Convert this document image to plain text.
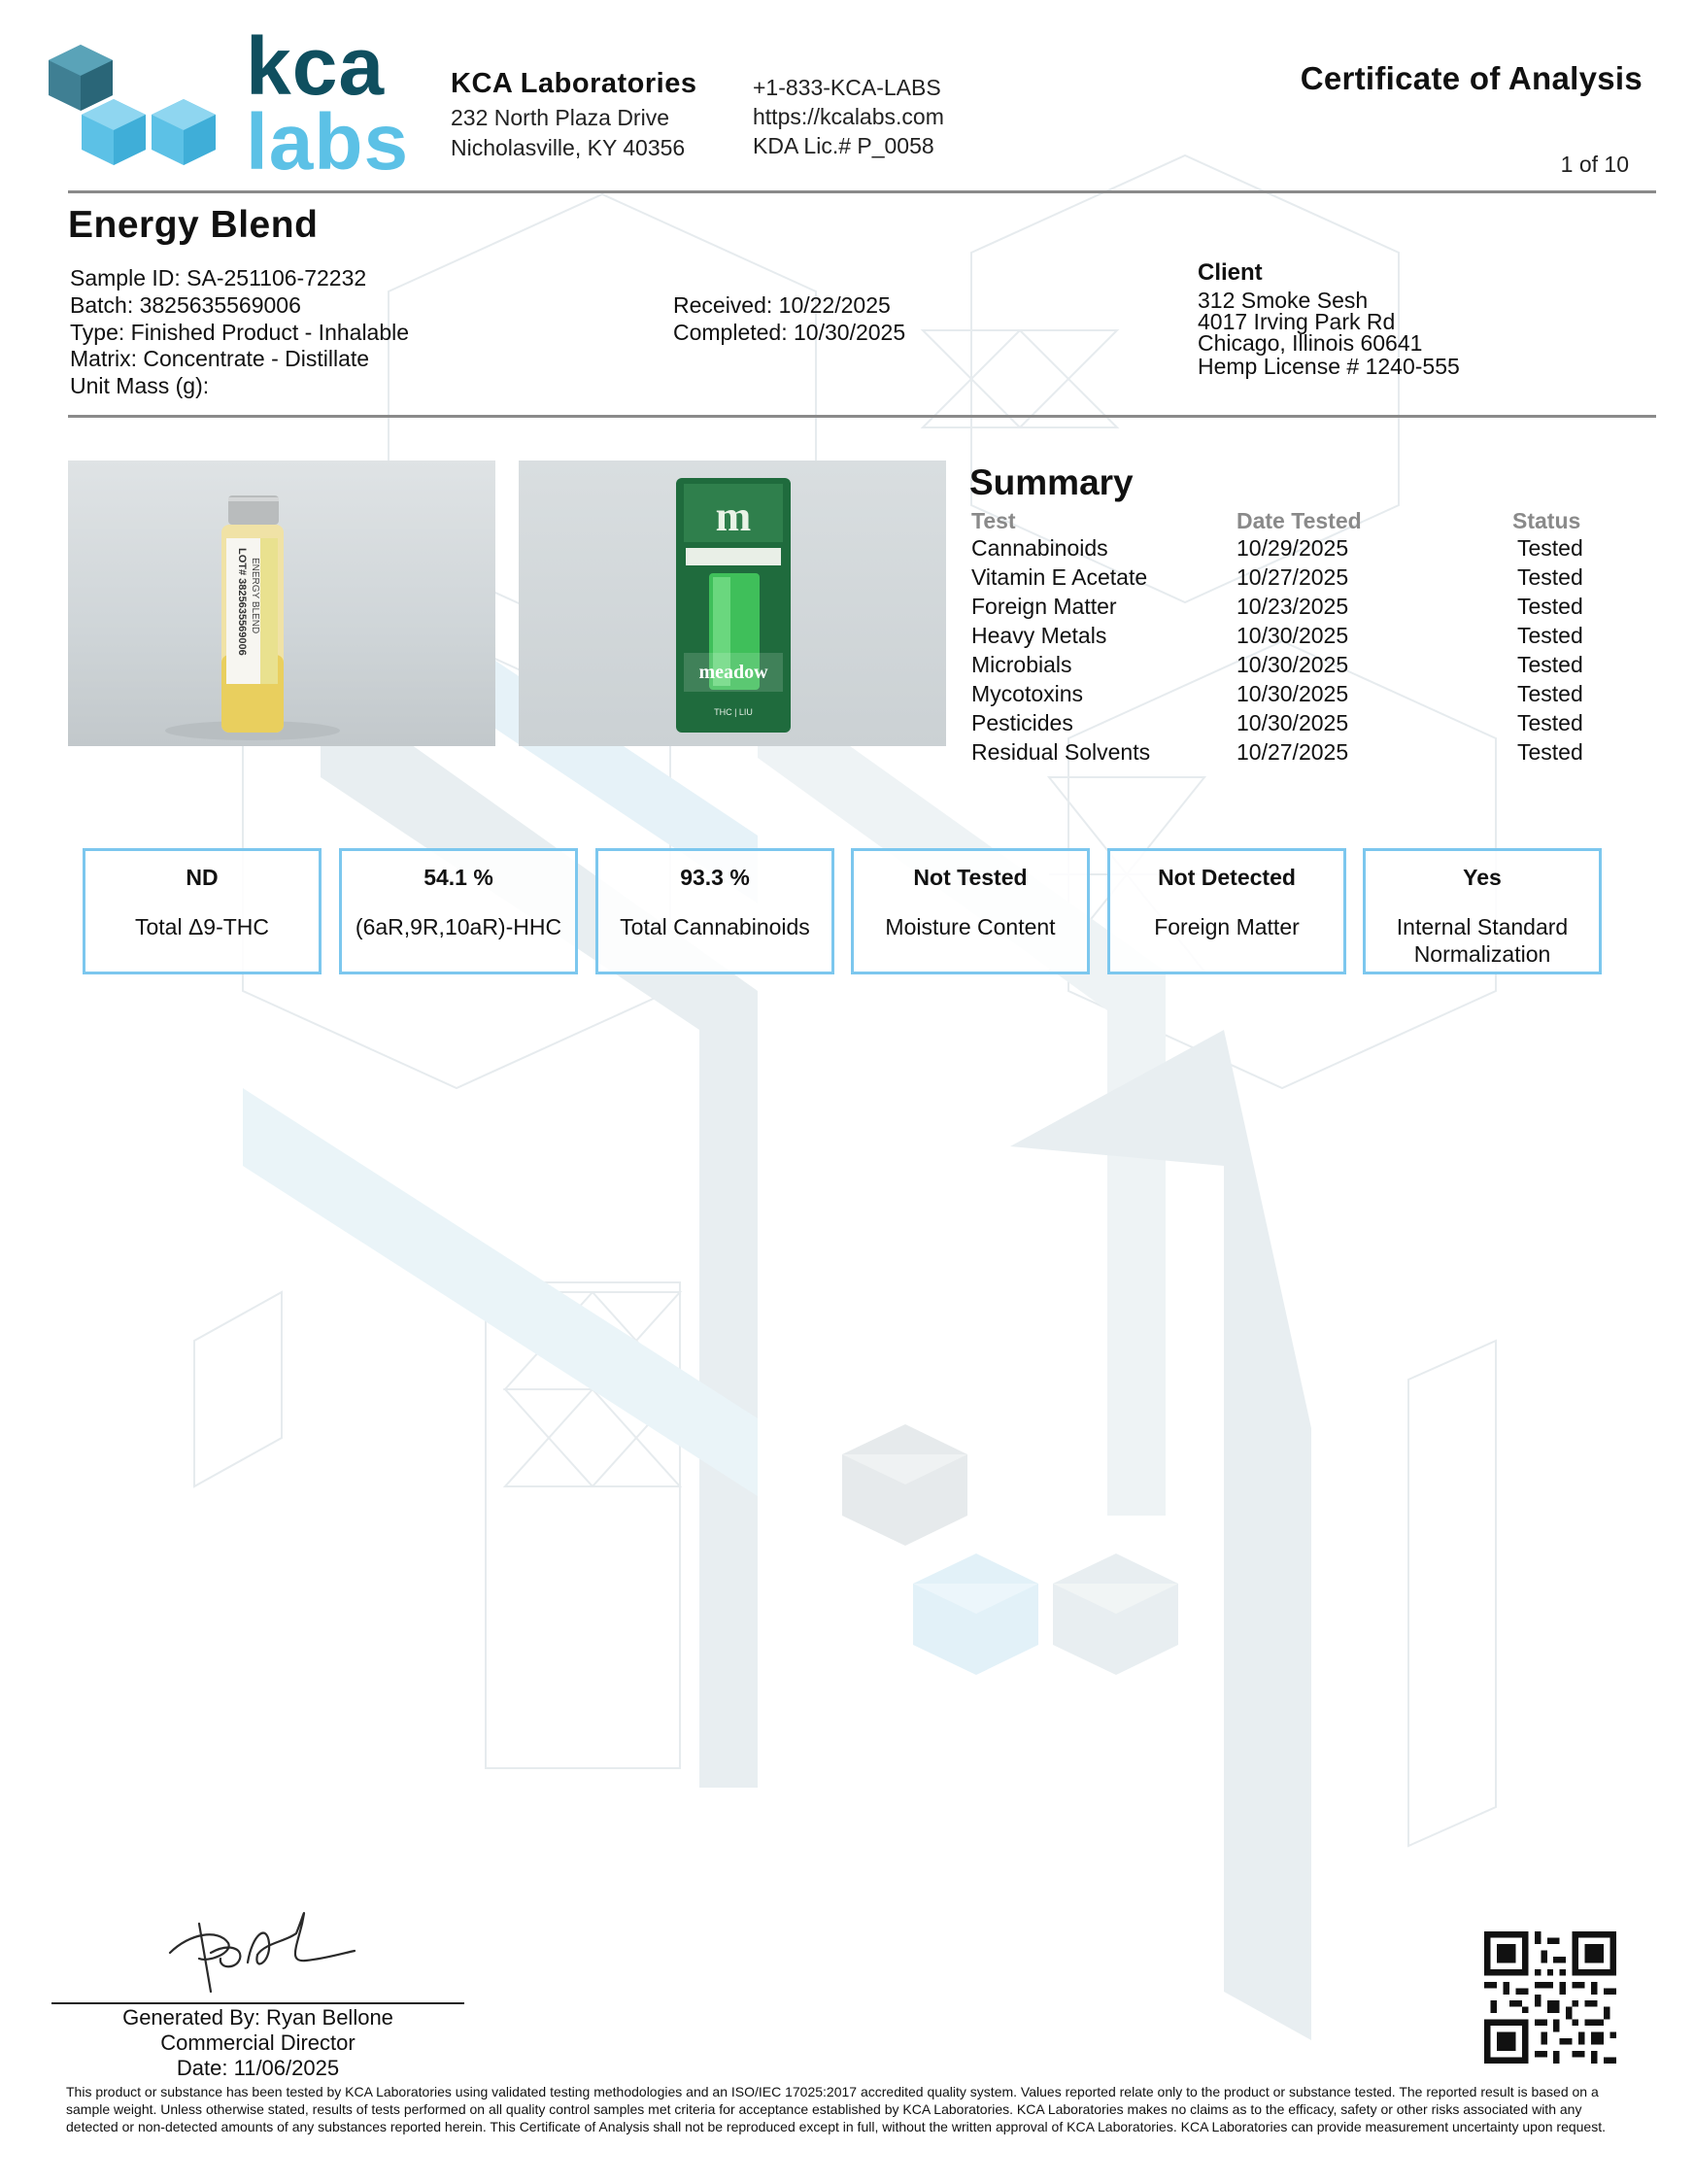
kca
labs
KCA Laboratories
232 North Plaza Drive
Nicholasville, KY 40356
+1-833-KCA-LABS
https://kcalabs.com
KDA Lic.# P_0058
Certificate of Analysis
1 of 10
Energy Blend
Sample ID: SA-251106-72232
Batch: 3825635569006
Type: Finished Product - Inhalable
Matrix: Concentrate - Distillate
Unit Mass (g):
Received: 10/22/2025
Completed: 10/30/2025
Client
312 Smoke Sesh
4017 Irving Park Rd
Chicago, Illinois 60641
Hemp License # 1240-555
LOT# 3825635569006 ENERGY BLEND
m
meadow
THC | LIU
Summary
Test	Date Tested	Status
Cannabinoids	10/29/2025	Tested
Vitamin E Acetate	10/27/2025	Tested
Foreign Matter	10/23/2025	Tested
Heavy Metals	10/30/2025	Tested
Microbials	10/30/2025	Tested
Mycotoxins	10/30/2025	Tested
Pesticides	10/30/2025	Tested
Residual Solvents	10/27/2025	Tested
ND
Total Δ9-THC
54.1 %
(6aR,9R,10aR)-HHC
93.3 %
Total Cannabinoids
Not Tested
Moisture Content
Not Detected
Foreign Matter
Yes
Internal Standard Normalization
Generated By: Ryan Bellone
Commercial Director
Date: 11/06/2025
This product or substance has been tested by KCA Laboratories using validated testing methodologies and an ISO/IEC 17025:2017 accredited quality system. Values reported relate only to the product or substance tested. The reported result is based on a sample weight. Unless otherwise stated, results of tests performed on all quality control samples met criteria for acceptance established by KCA Laboratories. KCA Laboratories makes no claims as to the efficacy, safety or other risks associated with any detected or non-detected amounts of any substances reported herein. This Certificate of Analysis shall not be reproduced except in full, without the written approval of KCA Laboratories. KCA Laboratories can provide measurement uncertainty upon request.
